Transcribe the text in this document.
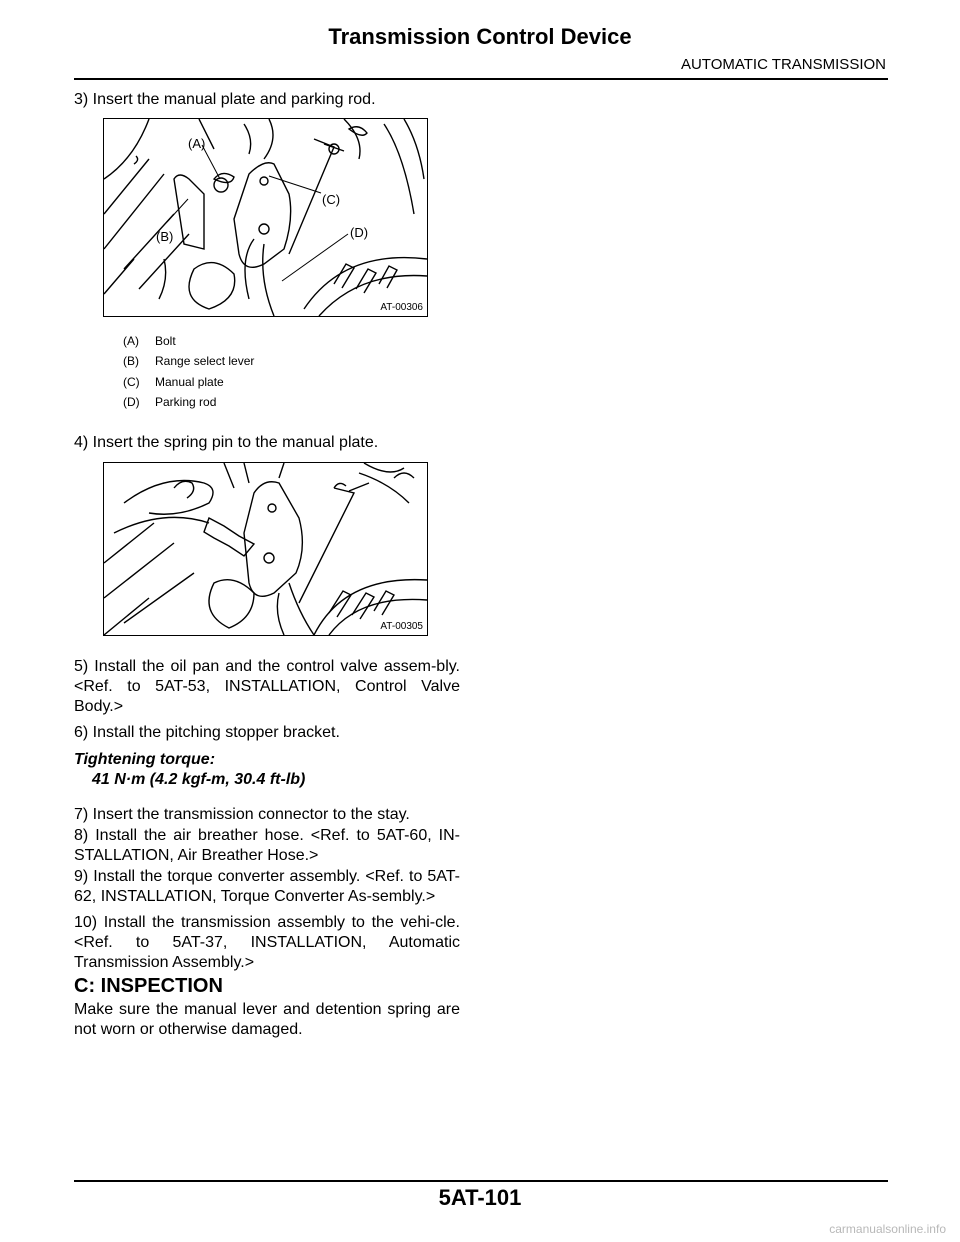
Transmission Control Device
AUTOMATIC TRANSMISSION
3) Insert the manual plate and parking rod.
(A)
(B)
(C)
(D)
AT-00306
(A) Bolt
(B) Range select lever
(C) Manual plate
(D) Parking rod
4) Insert the spring pin to the manual plate.
AT-00305
5) Install the oil pan and the control valve assem-bly. <Ref. to 5AT-53, INSTALLATION, Control Valve Body.>
6) Install the pitching stopper bracket.
Tightening torque:
41 N·m (4.2 kgf-m, 30.4 ft-lb)
7) Insert the transmission connector to the stay.
8) Install the air breather hose. <Ref. to 5AT-60, IN-STALLATION, Air Breather Hose.>
9) Install the torque converter assembly. <Ref. to 5AT-62, INSTALLATION, Torque Converter As-sembly.>
10) Install the transmission assembly to the vehi-cle. <Ref. to 5AT-37, INSTALLATION, Automatic Transmission Assembly.>
C: INSPECTION
Make sure the manual lever and detention spring are not worn or otherwise damaged.
5AT-101
carmanualsonline.info
